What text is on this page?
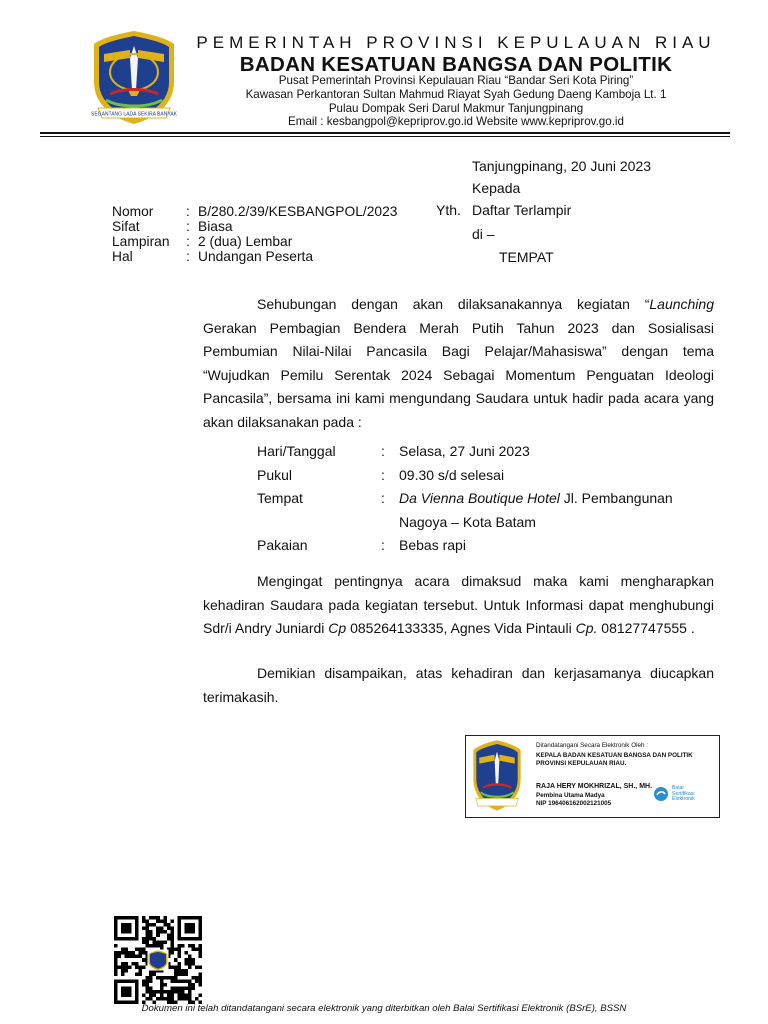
SEGANTANG LADA SEKIRA BANYAK
PEMERINTAH PROVINSI KEPULAUAN RIAU
BADAN KESATUAN BANGSA DAN POLITIK
Pusat Pemerintah Provinsi Kepulauan Riau “Bandar Seri Kota Piring”
Kawasan Perkantoran Sultan Mahmud Riayat Syah Gedung Daeng Kamboja Lt. 1
Pulau Dompak Seri Darul Makmur Tanjungpinang
Email : kesbangpol@kepriprov.go.id Website www.kepriprov.go.id
Tanjungpinang, 20 Juni 2023
Kepada
Yth. Daftar Terlampir
di –
TEMPAT
Nomor : B/280.2/39/KESBANGPOL/2023
Sifat	: Biasa
Lampiran : 2 (dua) Lembar
Hal	: Undangan Peserta
Sehubungan dengan akan dilaksanakannya kegiatan “Launching Gerakan Pembagian Bendera Merah Putih Tahun 2023 dan Sosialisasi Pembumian Nilai-Nilai Pancasila Bagi Pelajar/Mahasiswa” dengan tema “Wujudkan Pemilu Serentak 2024 Sebagai Momentum Penguatan Ideologi Pancasila”, bersama ini kami mengundang Saudara untuk hadir pada acara yang akan dilaksanakan pada :
Hari/Tanggal	:	Selasa, 27 Juni 2023
Pukul	:	09.30 s/d selesai
Tempat	:	Da Vienna Boutique Hotel Jl. Pembangunan Nagoya – Kota Batam
Pakaian	:	Bebas rapi
Mengingat pentingnya acara dimaksud maka kami mengharapkan kehadiran Saudara pada kegiatan tersebut. Untuk Informasi dapat menghubungi Sdr/i Andry Juniardi Cp 085264133335, Agnes Vida Pintauli Cp. 08127747555 .
Demikian disampaikan, atas kehadiran dan kerjasamanya diucapkan terimakasih.
Ditandatangani Secara Elektronik Oleh :
KEPALA BADAN KESATUAN BANGSA DAN POLITIK
PROVINSI KEPULAUAN RIAU.
RAJA HERY MOKHRIZAL, SH., MH.
Pembina Utama Madya
NIP 196406162002121005
Balai
Sertifikasi
Elektronik
Dokumen ini telah ditandatangani secara elektronik yang diterbitkan oleh Balai Sertifikasi Elektronik (BSrE), BSSN
